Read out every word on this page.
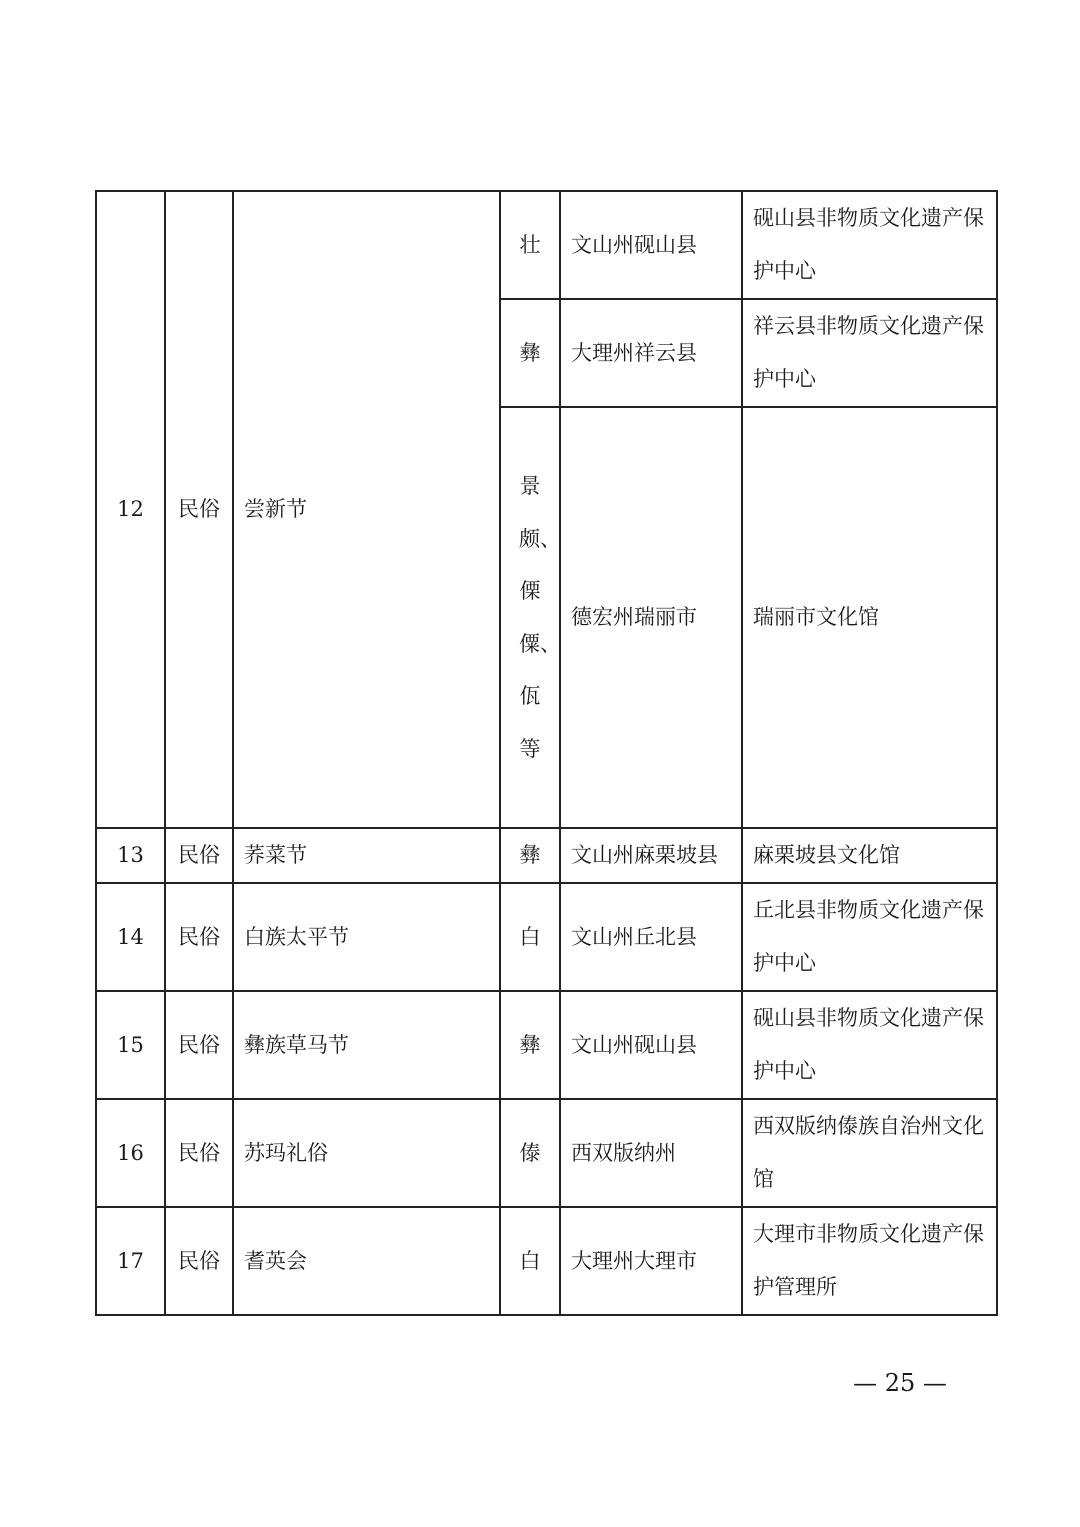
12	民俗	尝新节	壮	文山州砚山县	砚山县非物质文化遗产保护中心
			彝	大理州祥云县	祥云县非物质文化遗产保护中心

			景颇、傈僳、佤等	德宏州瑞丽市	瑞丽市文化馆
13	民俗	荞菜节	彝	文山州麻栗坡县	麻栗坡县文化馆
14	民俗	白族太平节	白	文山州丘北县	丘北县非物质文化遗产保护中心
15	民俗	彝族草马节	彝	文山州砚山县	砚山县非物质文化遗产保护中心
16	民俗	苏玛礼俗	傣	西双版纳州	西双版纳傣族自治州文化馆
17	民俗	耆英会	白	大理州大理市	大理市非物质文化遗产保护管理所
— 25 —
